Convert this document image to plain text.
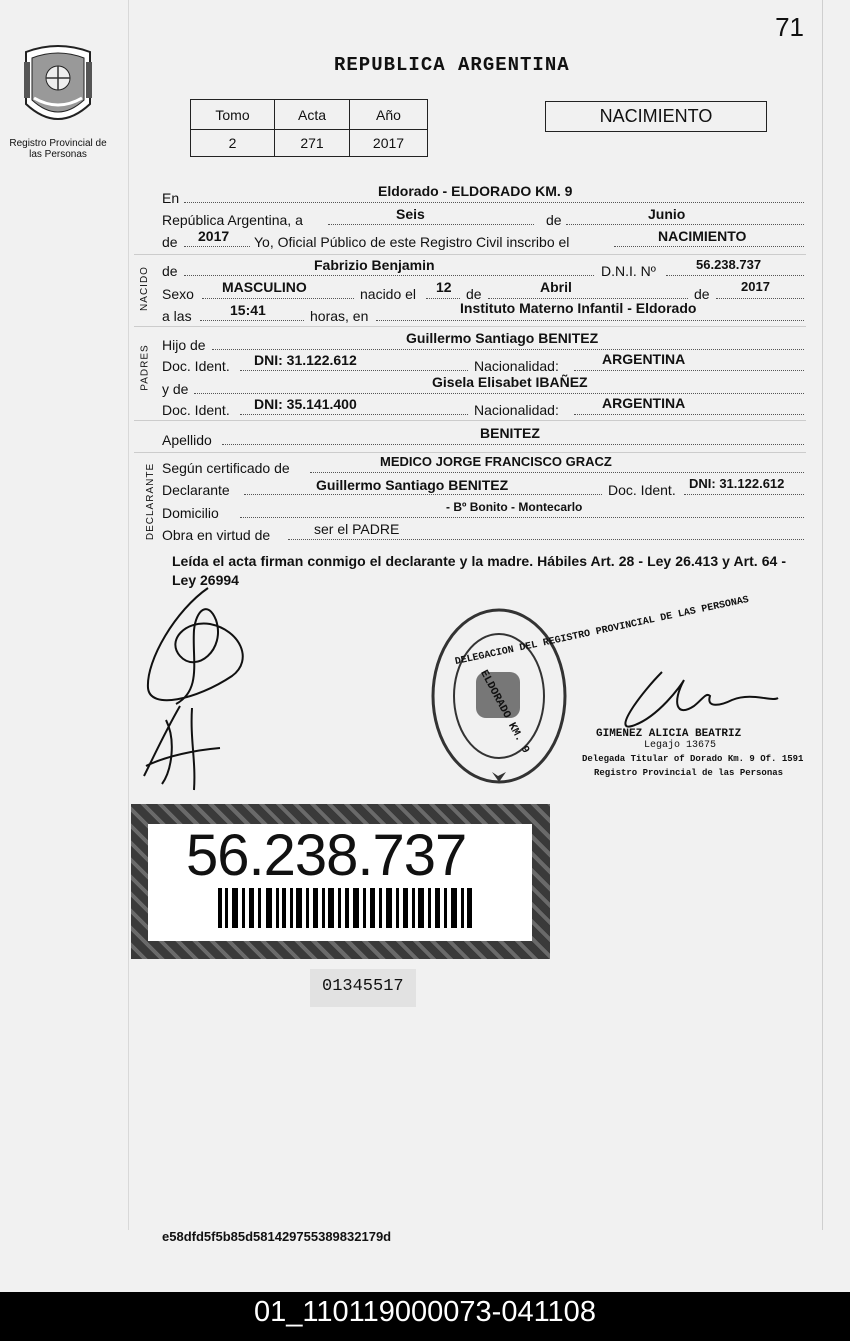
71
Registro Provincial de las Personas
REPUBLICA ARGENTINA
Tomo	Acta	Año
2	271	2017
NACIMIENTO
En	Eldorado - ELDORADO KM. 9
República Argentina, a	Seis	de	Junio
de 2017 Yo, Oficial Público de este Registro Civil inscribo el	NACIMIENTO
NACIDO de	Fabrizio Benjamin	D.N.I. Nº	56.238.737
Sexo MASCULINO	nacido el 12 de	Abril	de 2017
a las	15:41	horas, en	Instituto Materno Infantil - Eldorado
PADRES Hijo de	Guillermo Santiago BENITEZ
Doc. Ident. DNI: 31.122.612	Nacionalidad:	ARGENTINA
y de	Gisela Elisabet IBAÑEZ
Doc. Ident. DNI: 35.141.400	Nacionalidad:	ARGENTINA
Apellido	BENITEZ
DECLARANTE Según certificado de	MEDICO JORGE FRANCISCO GRACZ
Declarante	Guillermo Santiago BENITEZ	Doc. Ident. DNI: 31.122.612
Domicilio	- Bº Bonito - Montecarlo
Obra en virtud de	ser el PADRE
Leída el acta firman conmigo el declarante y la madre. Hábiles Art. 28 - Ley 26.413 y Art. 64 - Ley 26994
DELEGACION DEL REGISTRO PROVINCIAL DE LAS PERSONAS
ELDORADO KM. 9	GIMENEZ ALICIA BEATRIZ
Legajo 13675
Delegada Titular of Dorado Km. 9 Of. 1591
Registro Provincial de las Personas
56.238.737
01345517
e58dfd5f5b85d581429755389832179d
01_110119000073-041108
